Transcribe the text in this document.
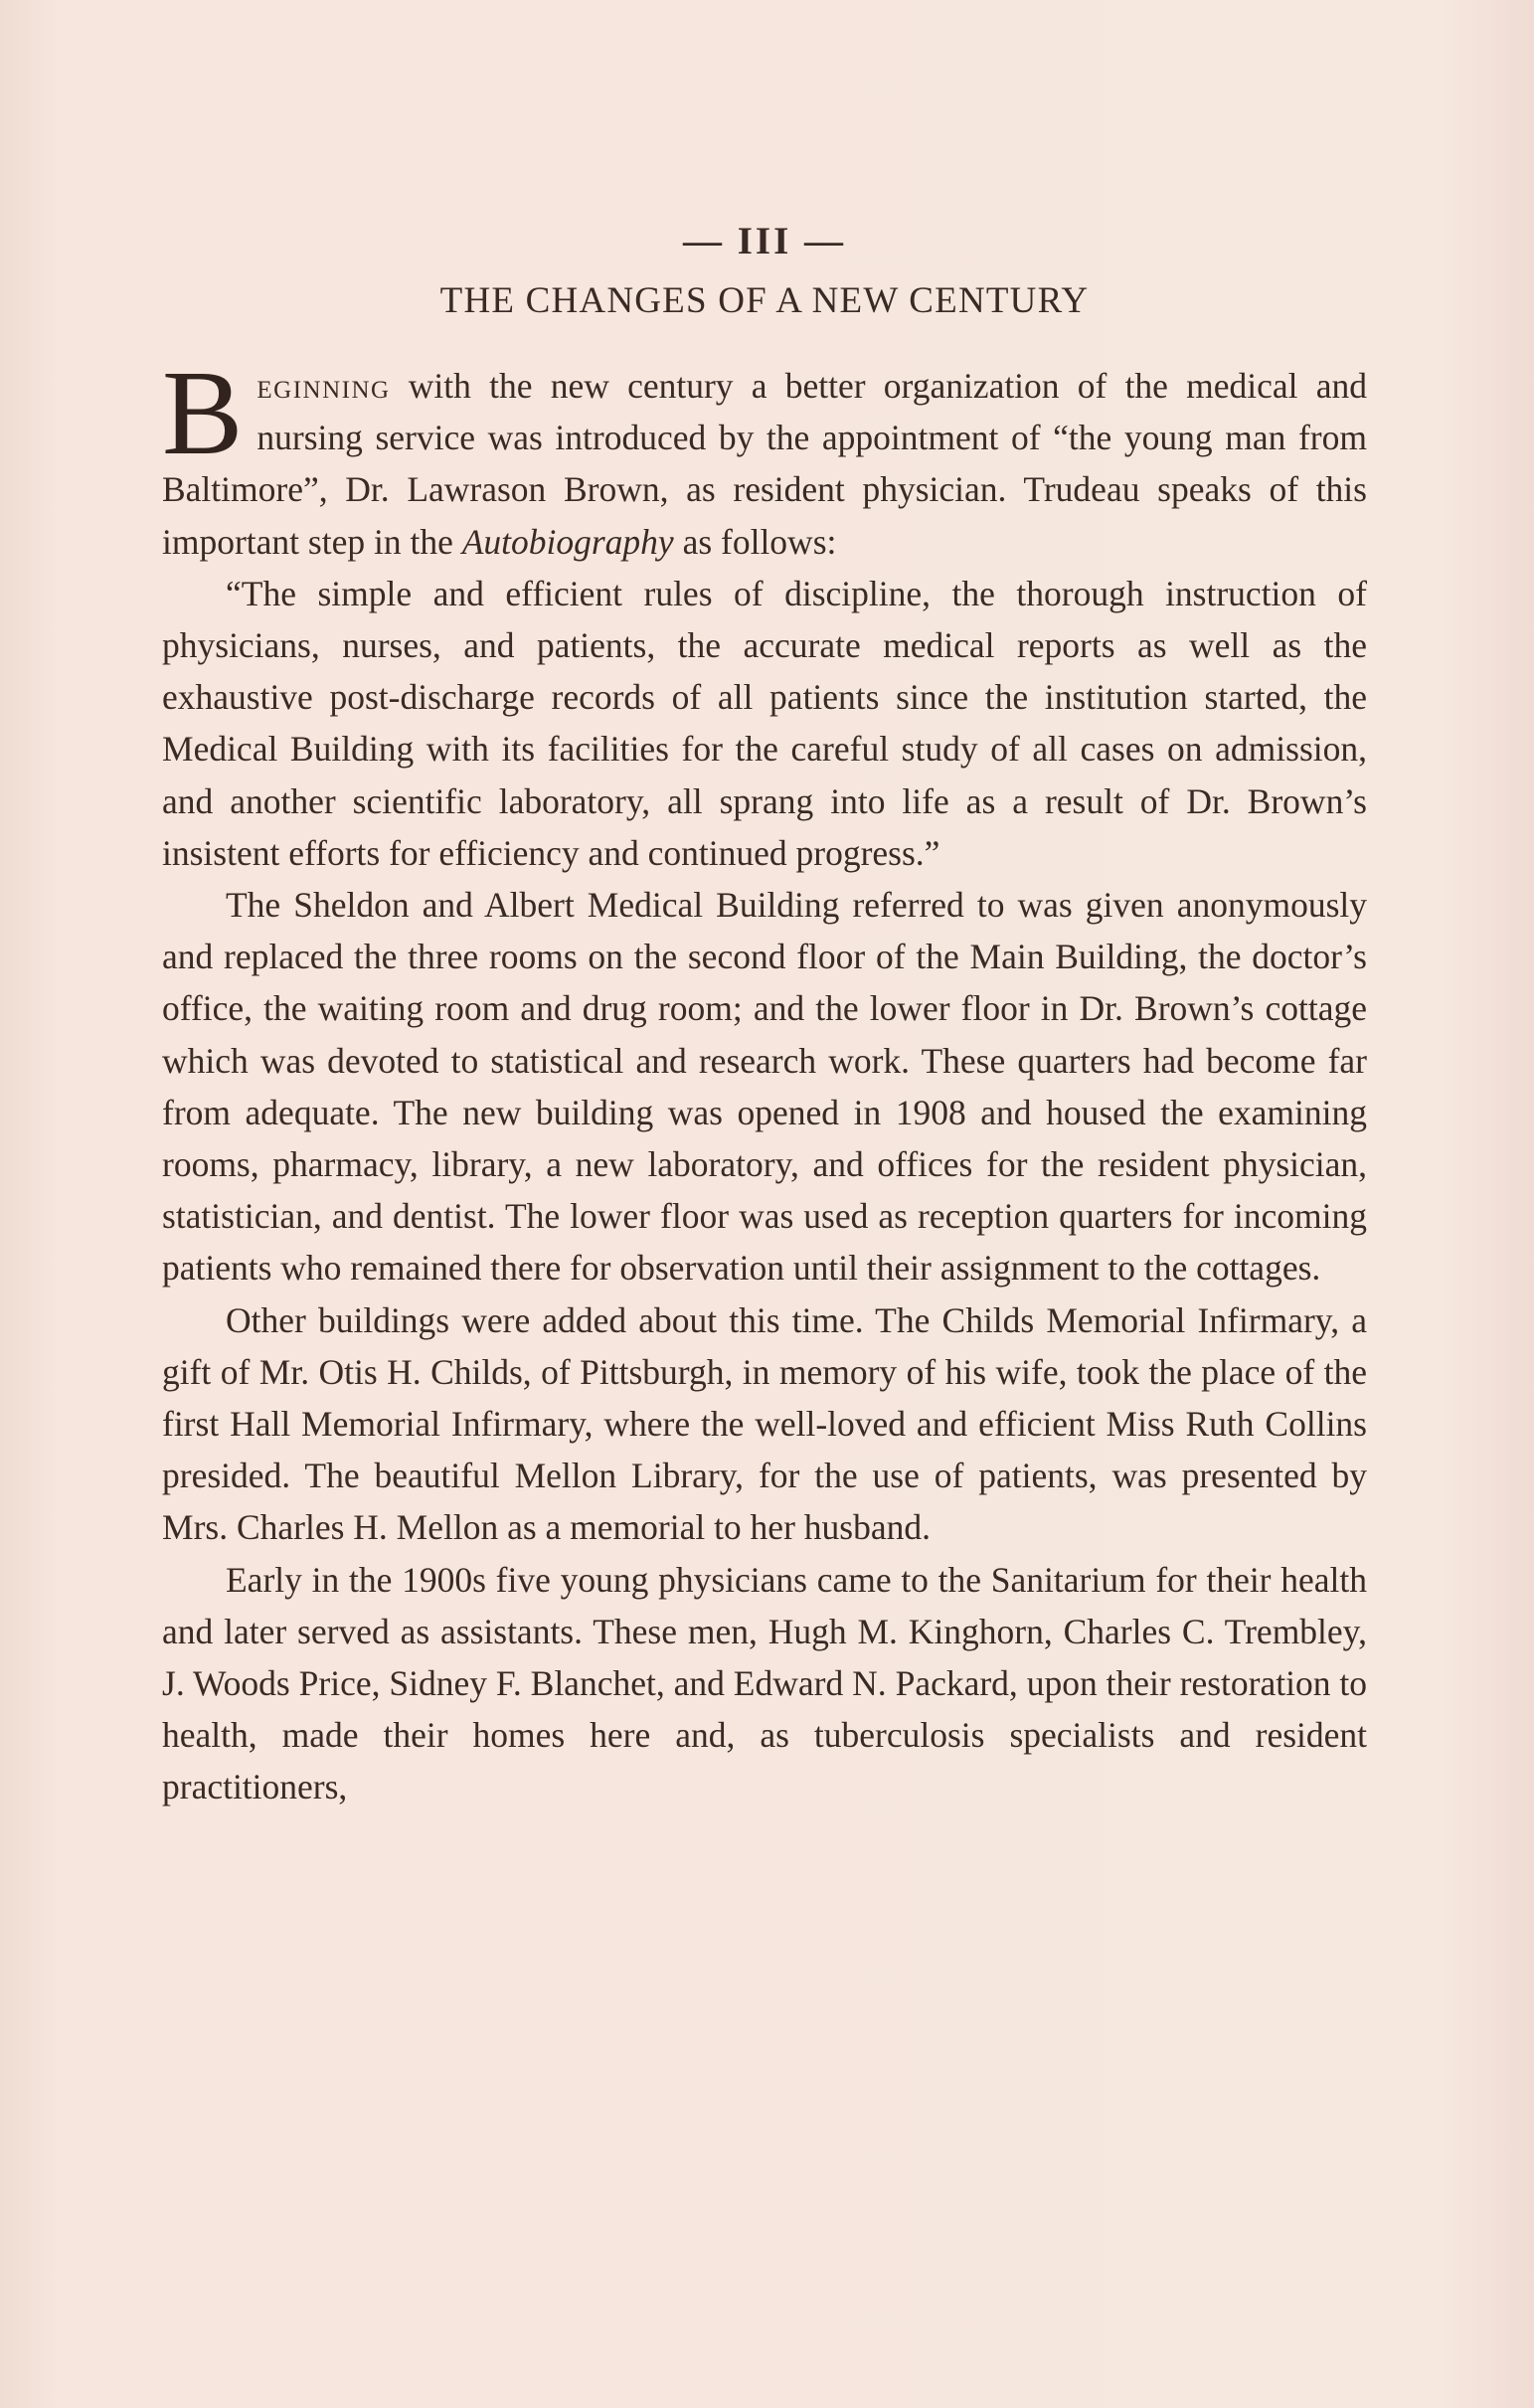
— III —
THE CHANGES OF A NEW CENTURY

Beginning with the new century a better organization of the medical and nursing service was introduced by the appointment of “the young man from Baltimore”, Dr. Lawrason Brown, as resident physician. Trudeau speaks of this important step in the Autobiography as follows:

“The simple and efficient rules of discipline, the thorough instruction of physicians, nurses, and patients, the accurate medical reports as well as the exhaustive post-discharge records of all patients since the institution started, the Medical Building with its facilities for the careful study of all cases on admission, and another scientific laboratory, all sprang into life as a result of Dr. Brown’s insistent efforts for efficiency and continued progress.”

The Sheldon and Albert Medical Building referred to was given anonymously and replaced the three rooms on the second floor of the Main Building, the doctor’s office, the waiting room and drug room; and the lower floor in Dr. Brown’s cottage which was devoted to statistical and research work. These quarters had become far from adequate. The new building was opened in 1908 and housed the examining rooms, pharmacy, library, a new laboratory, and offices for the resident physician, statistician, and dentist. The lower floor was used as reception quarters for incoming patients who remained there for observation until their assignment to the cottages.

Other buildings were added about this time. The Childs Memorial Infirmary, a gift of Mr. Otis H. Childs, of Pittsburgh, in memory of his wife, took the place of the first Hall Memorial Infirmary, where the well-loved and efficient Miss Ruth Collins presided. The beautiful Mellon Library, for the use of patients, was presented by Mrs. Charles H. Mellon as a memorial to her husband.

Early in the 1900s five young physicians came to the Sanitarium for their health and later served as assistants. These men, Hugh M. Kinghorn, Charles C. Trembley, J. Woods Price, Sidney F. Blanchet, and Edward N. Packard, upon their restoration to health, made their homes here and, as tuberculosis specialists and resident practitioners,
